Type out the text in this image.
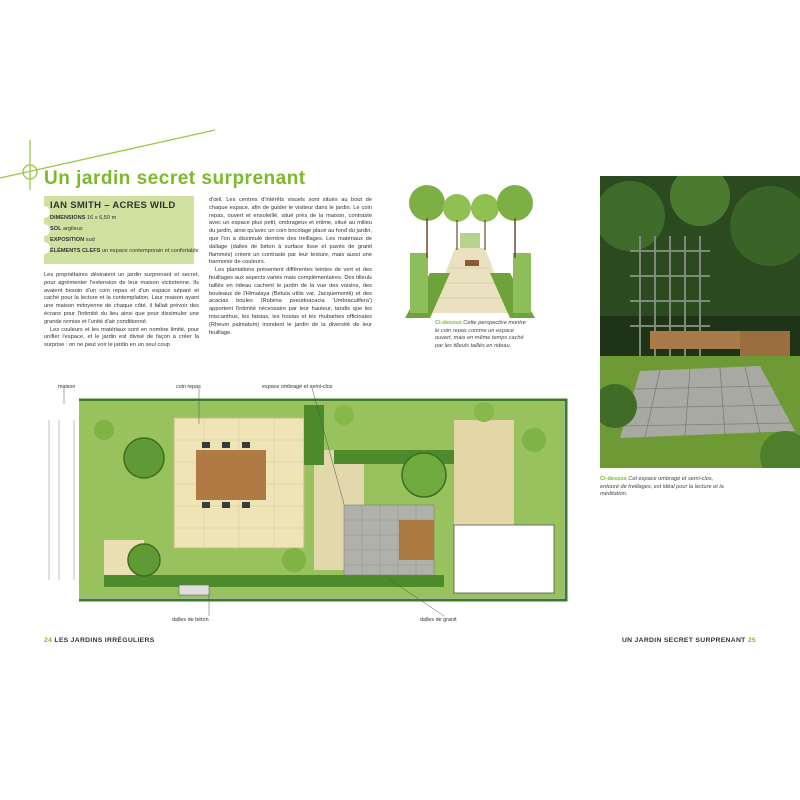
Un jardin secret surprenant
IAN SMITH – ACRES WILD
DIMENSIONS 16 x 6,50 m
SOL argileux
EXPOSITION sud
ÉLÉMENTS CLEFS un espace contemporain et confortable

Les propriétaires désiraient un jardin surprenant et secret, pour agrémenter l'extension de leur maison victorienne. Ils avaient besoin d'un coin repas et d'un espace séparé et caché pour la lecture et la contemplation. Leur maison ayant une maison mitoyenne de chaque côté, il fallait prévoir des écrans pour l'intimité du lieu ainsi que pour dissimuler une grande remise et l'unité d'air conditionné.

Les couleurs et les matériaux sont en nombre limité, pour unifier l'espace, et le jardin est divisé de façon à créer la surprise : on ne peut voir le jardin en un seul coup

d'œil. Les centres d'intérêts visuels sont situés au bout de chaque espace, afin de guider le visiteur dans le jardin. Le coin repas, ouvert et ensoleillé, situé près de la maison, contraste avec un espace plus petit, ombrageux et intime, situé au milieu du jardin, ainsi qu'avec un coin bricolage placé au fond du jardin, que l'on a dissimulé derrière des treillages. Les matériaux de dallage (dalles de béton à surface lisse et pavés de granit flammés) créent un contraste par leur texture, mais aussi une harmonie de couleurs.

Les plantations présentent différentes teintes de vert et des feuillages aux aspects variés mais complémentaires. Des tilleuls taillés en rideau cachent le jardin de la vue des voisins, des bouleaux de l'Himalaya (Betula utilis var. Jacquemontii) et des acacias boules (Robinia pseudoacacia 'Umbraculifera') apportent l'intimité nécessaire par leur hauteur, tandis que les miscanthus, les fatsias, les hostas et les rhubarbes officinales (Rheum palmatum) inondent le jardin de la diversité de leur feuillage.

Ci-dessus Cette perspective montre le coin repas comme un espace ouvert, mais en même temps caché par les tilleuls taillés en rideau.
Ci-dessus Cet espace ombragé et semi-clos, entouré de treillages, est idéal pour la lecture et la méditation.
maison	coin repas	espace ombragé et semi-clos
dalles de béton	dalles de granit
24 LES JARDINS IRRÉGULIERS	UN JARDIN SECRET SURPRENANT 25
